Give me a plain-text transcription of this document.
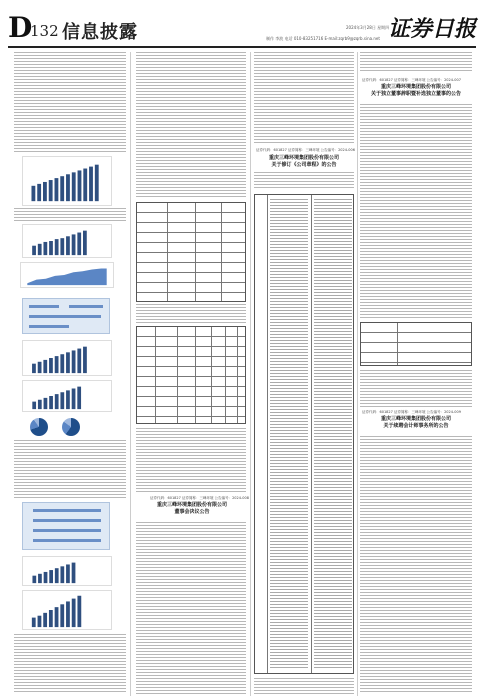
D
132 信息披露	2024年3月28日 星期四
制作 李波 电话 010-83251716 E-mail:zqrb9@zqrb.sina.net 证券日报
证券代码：601827 证券简称：三峰环境 公告编号：2024-008
重庆三峰环境集团股份有限公司
董事会决议公告
证券代码：601827 证券简称：三峰环境 公告编号：2024-006
重庆三峰环境集团股份有限公司
关于修订《公司章程》的公告
证券代码：601827 证券简称：三峰环境 公告编号：2024-007
重庆三峰环境集团股份有限公司
关于独立董事辞职暨补选独立董事的公告
证券代码：601827 证券简称：三峰环境 公告编号：2024-009
重庆三峰环境集团股份有限公司
关于续聘会计师事务所的公告
